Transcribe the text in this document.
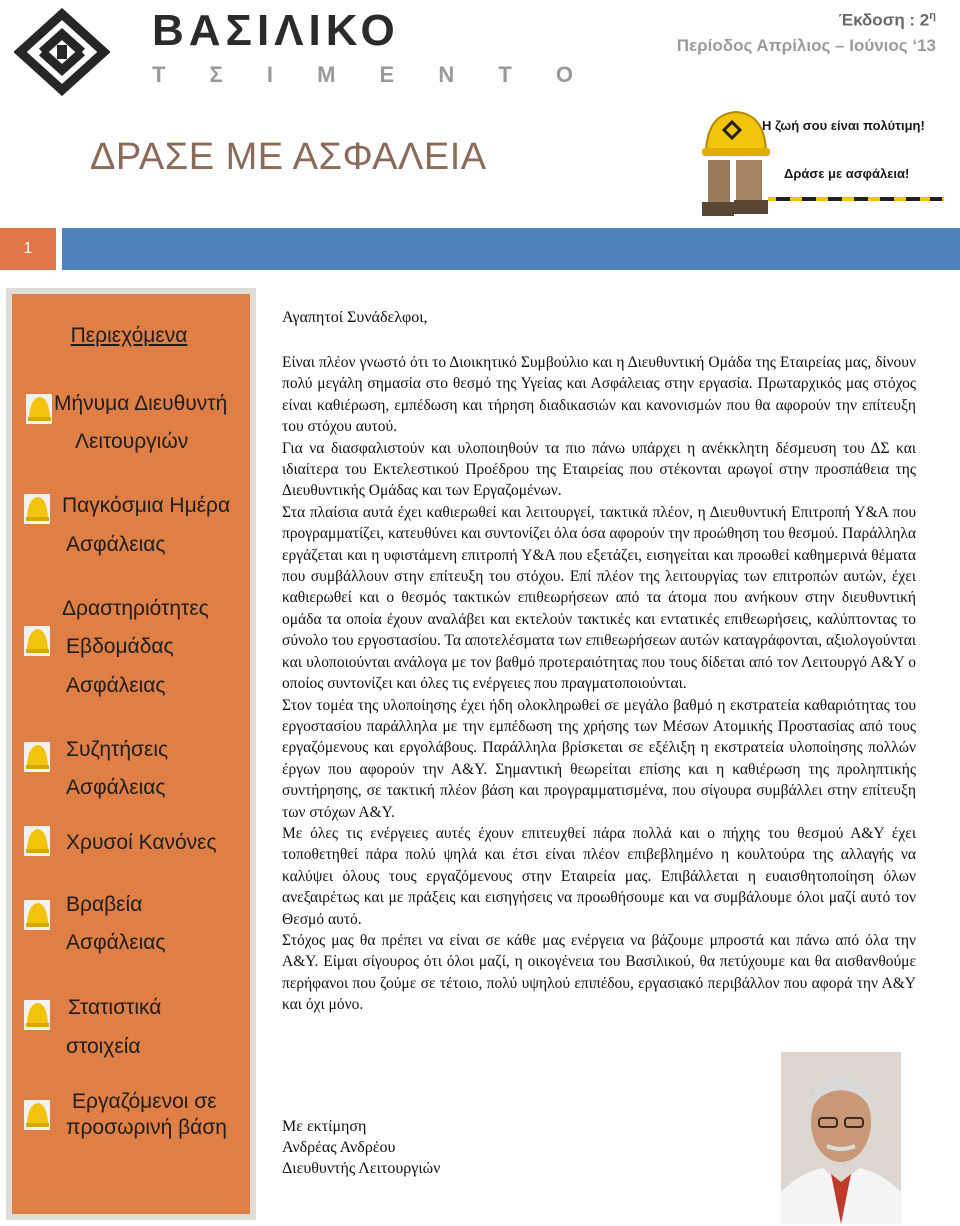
ΒΑΣΙΛΙΚΟ
Τ Σ Ι Μ Ε Ν Τ Ο
Έκδοση : $2^\eta$
Περίοδος Απρίλιος – Ιούνιος ‘13
ΔΡΑΣΕ ΜΕ ΑΣΦΑΛΕΙΑ
Η ζωή σου είναι πολύτιμη!
Δράσε με ασφάλεια!
1
Περιεχόμενα
Μήνυμα Διευθυντή
Λειτουργιών
Παγκόσμια Ημέρα
Ασφάλειας
Δραστηριότητες
Εβδομάδας
Ασφάλειας
Συζητήσεις
Ασφάλειας
Χρυσοί Κανόνες
Βραβεία
Ασφάλειας
Στατιστικά
στοιχεία
Εργαζόμενοι σε
προσωρινή βάση
Αγαπητοί Συνάδελφοι,

Είναι πλέον γνωστό ότι το Διοικητικό Συμβούλιο και η Διευθυντική Ομάδα της Εταιρείας μας, δίνουν πολύ μεγάλη σημασία στο θεσμό της Υγείας και Ασφάλειας στην εργασία. Πρωταρχικός μας στόχος είναι καθιέρωση, εμπέδωση και τήρηση διαδικασιών και κανονισμών που θα αφορούν την επίτευξη του στόχου αυτού.

Για να διασφαλιστούν και υλοποιηθούν τα πιο πάνω υπάρχει η ανέκκλητη δέσμευση του ΔΣ και ιδιαίτερα του Εκτελεστικού Προέδρου της Εταιρείας που στέκονται αρωγοί στην προσπάθεια της Διευθυντικής Ομάδας και των Εργαζομένων.

Στα πλαίσια αυτά έχει καθιερωθεί και λειτουργεί, τακτικά πλέον, η Διευθυντική Επιτροπή Υ&Α που προγραμματίζει, κατευθύνει και συντονίζει όλα όσα αφορούν την προώθηση του θεσμού. Παράλληλα εργάζεται και η υφιστάμενη επιτροπή Υ&Α που εξετάζει, εισηγείται και προωθεί καθημερινά θέματα που συμβάλλουν στην επίτευξη του στόχου. Επί πλέον της λειτουργίας των επιτροπών αυτών, έχει καθιερωθεί και ο θεσμός τακτικών επιθεωρήσεων από τα άτομα που ανήκουν στην διευθυντική ομάδα τα οποία έχουν αναλάβει και εκτελούν τακτικές και εντατικές επιθεωρήσεις, καλύπτοντας το σύνολο του εργοστασίου. Τα αποτελέσματα των επιθεωρήσεων αυτών καταγράφονται, αξιολογούνται και υλοποιούνται ανάλογα με τον βαθμό προτεραιότητας που τους δίδεται από τον Λειτουργό Α&Υ ο οποίος συντονίζει και όλες τις ενέργειες που πραγματοποιούνται.

Στον τομέα της υλοποίησης έχει ήδη ολοκληρωθεί σε μεγάλο βαθμό η εκστρατεία καθαριότητας του εργοστασίου παράλληλα με την εμπέδωση της χρήσης των Μέσων Ατομικής Προστασίας από τους εργαζόμενους και εργολάβους. Παράλληλα βρίσκεται σε εξέλιξη η εκστρατεία υλοποίησης πολλών έργων που αφορούν την Α&Υ. Σημαντική θεωρείται επίσης και η καθιέρωση της προληπτικής συντήρησης, σε τακτική πλέον βάση και προγραμματισμένα, που σίγουρα συμβάλλει στην επίτευξη των στόχων Α&Υ.

Με όλες τις ενέργειες αυτές έχουν επιτευχθεί πάρα πολλά και ο πήχης του θεσμού Α&Υ έχει τοποθετηθεί πάρα πολύ ψηλά και έτσι είναι πλέον επιβεβλημένο η κουλτούρα της αλλαγής να καλύψει όλους τους εργαζόμενους στην Εταιρεία μας. Επιβάλλεται η ευαισθητοποίηση όλων ανεξαιρέτως και με πράξεις και εισηγήσεις να προωθήσουμε και να συμβάλουμε όλοι μαζί αυτό τον Θεσμό αυτό.

Στόχος μας θα πρέπει να είναι σε κάθε μας ενέργεια να βάζουμε μπροστά και πάνω από όλα την Α&Υ. Είμαι σίγουρος ότι όλοι μαζί, η οικογένεια του Βασιλικού, θα πετύχουμε και θα αισθανθούμε περήφανοι που ζούμε σε τέτοιο, πολύ υψηλού επιπέδου, εργασιακό περιβάλλον που αφορά την Α&Υ και όχι μόνο.

Με εκτίμηση
Ανδρέας Ανδρέου
Διευθυντής Λειτουργιών
